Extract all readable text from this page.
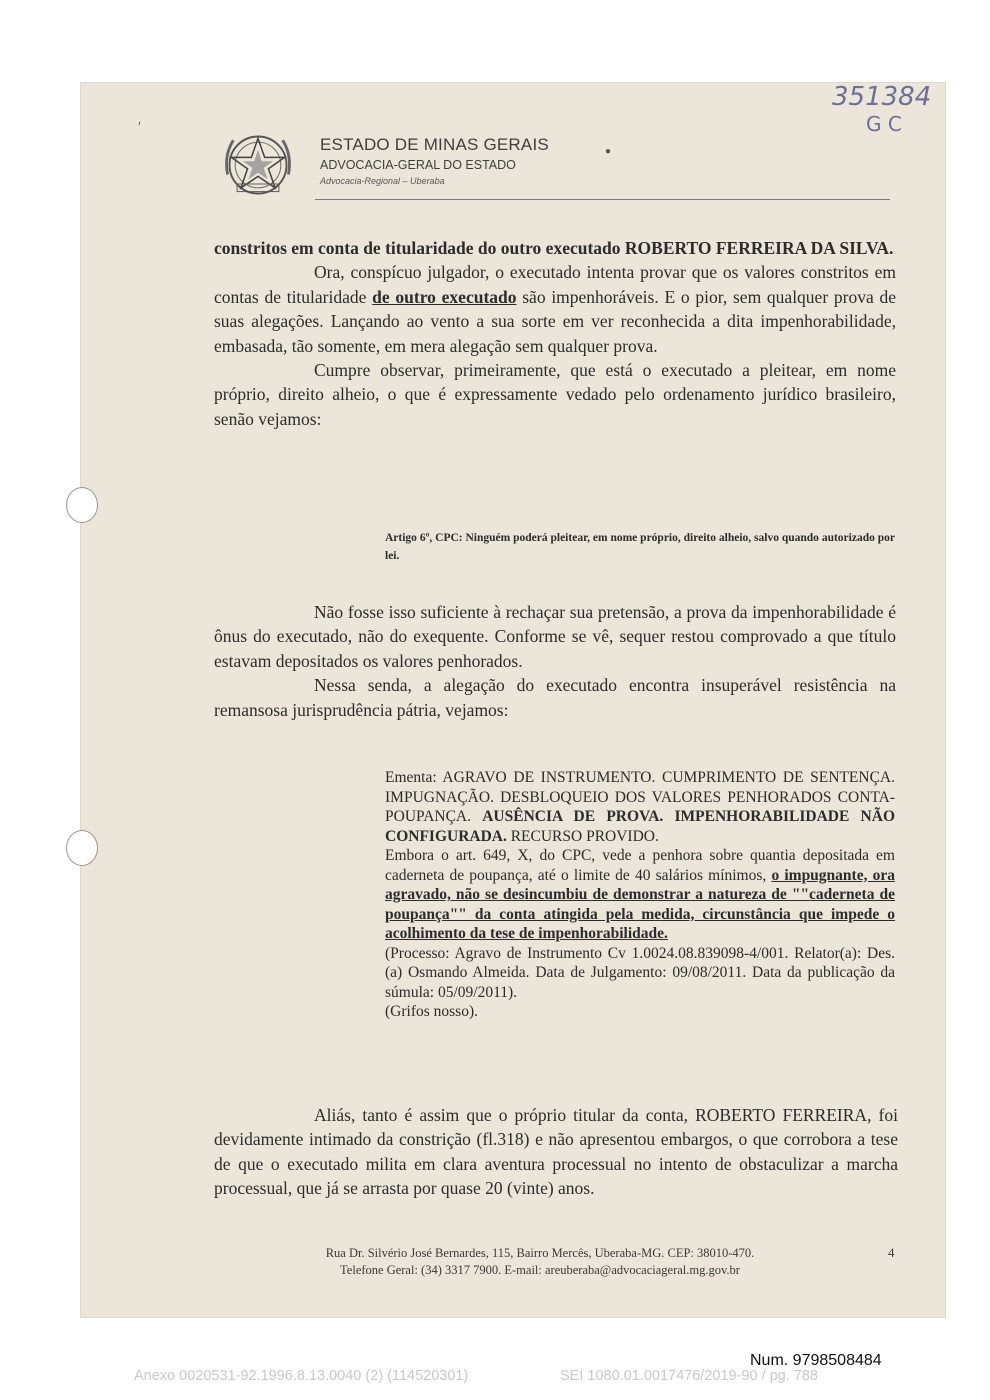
ESTADO DE MINAS GERAIS
ADVOCACIA-GERAL DO ESTADO
Advocacia-Regional – Uberaba
351384
G C
′
●

constritos em conta de titularidade do outro executado ROBERTO FERREIRA DA SILVA.

Ora, conspícuo julgador, o executado intenta provar que os valores constritos em contas de titularidade de outro executado são impenhoráveis. E o pior, sem qualquer prova de suas alegações. Lançando ao vento a sua sorte em ver reconhecida a dita impenhorabilidade, embasada, tão somente, em mera alegação sem qualquer prova.

Cumpre observar, primeiramente, que está o executado a pleitear, em nome próprio, direito alheio, o que é expressamente vedado pelo ordenamento jurídico brasileiro, senão vejamos:

Artigo 6º, CPC: Ninguém poderá pleitear, em nome próprio, direito alheio, salvo quando autorizado por lei.

Não fosse isso suficiente à rechaçar sua pretensão, a prova da impenhorabilidade é ônus do executado, não do exequente. Conforme se vê, sequer restou comprovado a que título estavam depositados os valores penhorados.

Nessa senda, a alegação do executado encontra insuperável resistência na remansosa jurisprudência pátria, vejamos:

Ementa: AGRAVO DE INSTRUMENTO. CUMPRIMENTO DE SENTENÇA. IMPUGNAÇÃO. DESBLOQUEIO DOS VALORES PENHORADOS CONTA-POUPANÇA. AUSÊNCIA DE PROVA. IMPENHORABILIDADE NÃO CONFIGURADA. RECURSO PROVIDO.

Embora o art. 649, X, do CPC, vede a penhora sobre quantia depositada em caderneta de poupança, até o limite de 40 salários mínimos, o impugnante, ora agravado, não se desincumbiu de demonstrar a natureza de ""caderneta de poupança"" da conta atingida pela medida, circunstância que impede o acolhimento da tese de impenhorabilidade.

(Processo: Agravo de Instrumento Cv 1.0024.08.839098-4/001. Relator(a): Des.(a) Osmando Almeida. Data de Julgamento: 09/08/2011. Data da publicação da súmula: 05/09/2011).

(Grifos nosso).

Aliás, tanto é assim que o próprio titular da conta, ROBERTO FERREIRA, foi devidamente intimado da constrição (fl.318) e não apresentou embargos, o que corrobora a tese de que o executado milita em clara aventura processual no intento de obstaculizar a marcha processual, que já se arrasta por quase 20 (vinte) anos.

Rua Dr. Silvério José Bernardes, 115, Bairro Mercês, Uberaba-MG. CEP: 38010-470.
Telefone Geral: (34) 3317 7900. E-mail: areuberaba@advocaciageral.mg.gov.br
4
Num. 9798508484
Anexo 0020531-92.1996.8.13.0040 (2) (114520301)	SEI 1080.01.0017476/2019-90 / pg. 788
